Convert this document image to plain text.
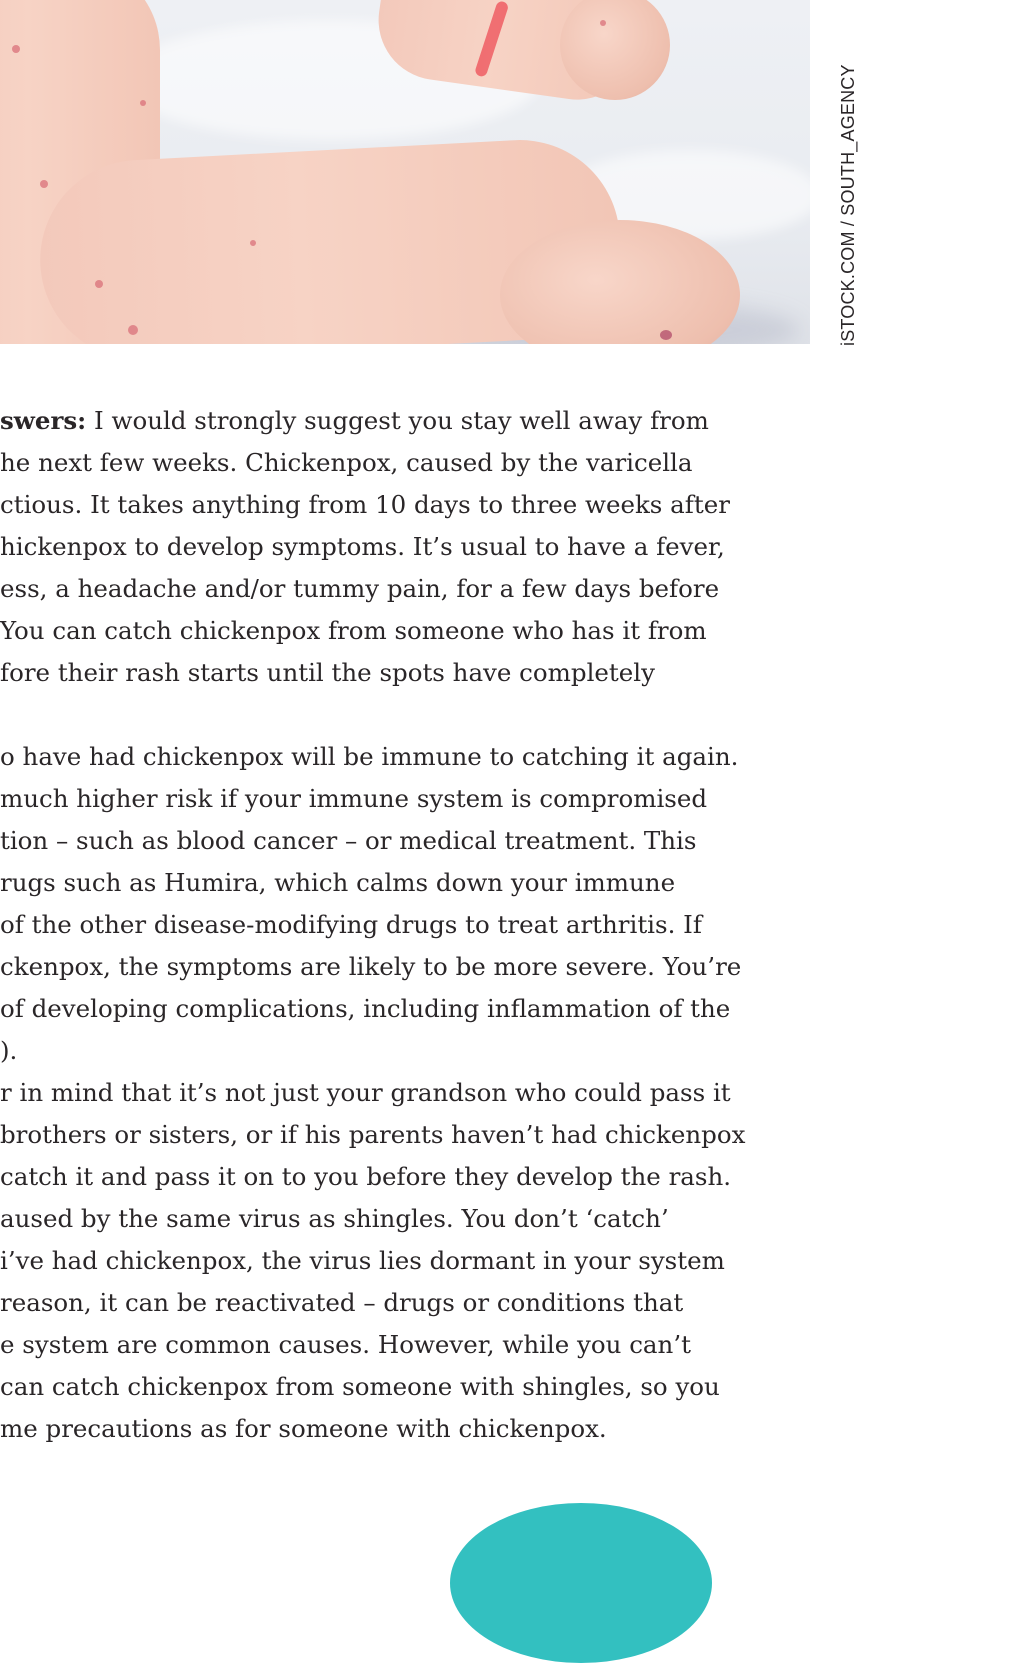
iSTOCK.COM / SOUTH_AGENCY
swers: I would strongly suggest you stay well away from
he next few weeks. Chickenpox, caused by the varicella
ctious. It takes anything from 10 days to three weeks after
hickenpox to develop symptoms. It’s usual to have a fever,
ess, a headache and/or tummy pain, for a few days before
You can catch chickenpox from someone who has it from
fore their rash starts until the spots have completely
o have had chickenpox will be immune to catching it again.
much higher risk if your immune system is compromised
tion – such as blood cancer – or medical treatment. This
rugs such as Humira, which calms down your immune
of the other disease-modifying drugs to treat arthritis. If
ckenpox, the symptoms are likely to be more severe. You’re
of developing complications, including inflammation of the
).
r in mind that it’s not just your grandson who could pass it
brothers or sisters, or if his parents haven’t had chickenpox
catch it and pass it on to you before they develop the rash.
aused by the same virus as shingles. You don’t ‘catch’
i’ve had chickenpox, the virus lies dormant in your system
reason, it can be reactivated – drugs or conditions that
e system are common causes. However, while you can’t
can catch chickenpox from someone with shingles, so you
me precautions as for someone with chickenpox.
